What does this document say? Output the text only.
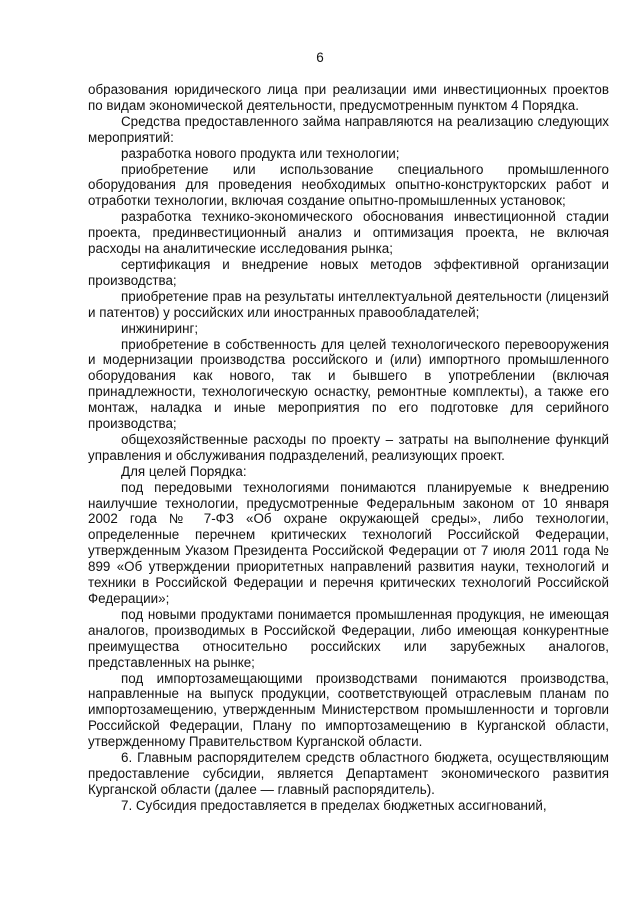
6

образования юридического лица при реализации ими инвестиционных проектов по видам экономической деятельности, предусмотренным пунктом 4 Порядка.

Средства предоставленного займа направляются на реализацию следующих мероприятий:

разработка нового продукта или технологии;

приобретение или использование специального промышленного оборудования для проведения необходимых опытно-конструкторских работ и отработки технологии, включая создание опытно-промышленных установок;

разработка технико-экономического обоснования инвестиционной стадии проекта, прединвестиционный анализ и оптимизация проекта, не включая расходы на аналитические исследования рынка;

сертификация и внедрение новых методов эффективной организации производства;

приобретение прав на результаты интеллектуальной деятельности (лицензий и патентов) у российских или иностранных правообладателей;

инжиниринг;

приобретение в собственность для целей технологического перевооружения и модернизации производства российского и (или) импортного промышленного оборудования как нового, так и бывшего в употреблении (включая принадлежности, технологическую оснастку, ремонтные комплекты), а также его монтаж, наладка и иные мероприятия по его подготовке для серийного производства;

общехозяйственные расходы по проекту – затраты на выполнение функций управления и обслуживания подразделений, реализующих проект.

Для целей Порядка:

под передовыми технологиями понимаются планируемые к внедрению наилучшие технологии, предусмотренные Федеральным законом от 10 января 2002 года № 7-ФЗ «Об охране окружающей среды», либо технологии, определенные перечнем критических технологий Российской Федерации, утвержденным Указом Президента Российской Федерации от 7 июля 2011 года № 899 «Об утверждении приоритетных направлений развития науки, технологий и техники в Российской Федерации и перечня критических технологий Российской Федерации»;

под новыми продуктами понимается промышленная продукция, не имеющая аналогов, производимых в Российской Федерации, либо имеющая конкурентные преимущества относительно российских или зарубежных аналогов, представленных на рынке;

под импортозамещающими производствами понимаются производства, направленные на выпуск продукции, соответствующей отраслевым планам по импортозамещению, утвержденным Министерством промышленности и торговли Российской Федерации, Плану по импортозамещению в Курганской области, утвержденному Правительством Курганской области.

6. Главным распорядителем средств областного бюджета, осуществляющим предоставление субсидии, является Департамент экономического развития Курганской области (далее — главный распорядитель).

7. Субсидия предоставляется в пределах бюджетных ассигнований,
